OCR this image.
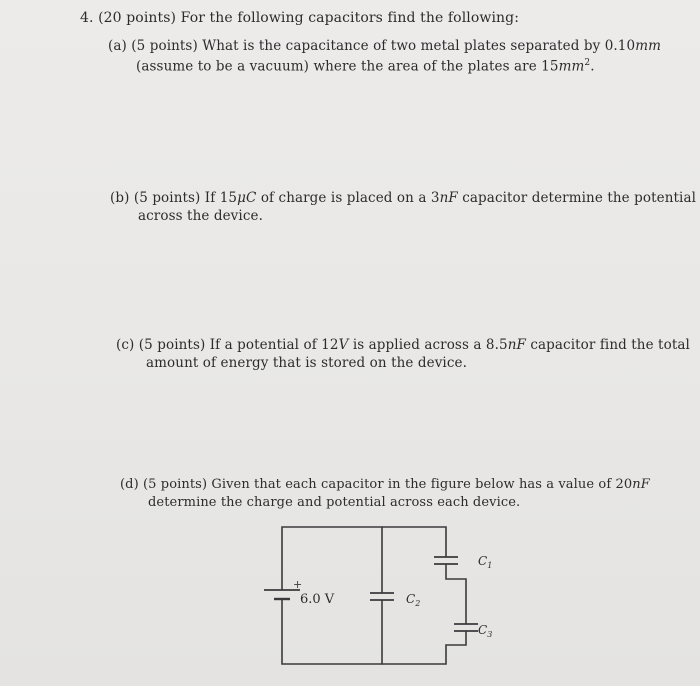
4. (20 points) For the following capacitors find the following:
(a) (5 points) What is the capacitance of two metal plates separated by 0.10mm
(assume to be a vacuum) where the area of the plates are $15mm^2$.
(b) (5 points) If 15μC of charge is placed on a 3nF capacitor determine the potential
across the device.
(c) (5 points) If a potential of 12V is applied across a 8.5nF capacitor find the total
amount of energy that is stored on the device.
(d) (5 points) Given that each capacitor in the figure below has a value of 20nF
determine the charge and potential across each device.
+
6.0 V	$C_2$
$C_1$
$C_3$
